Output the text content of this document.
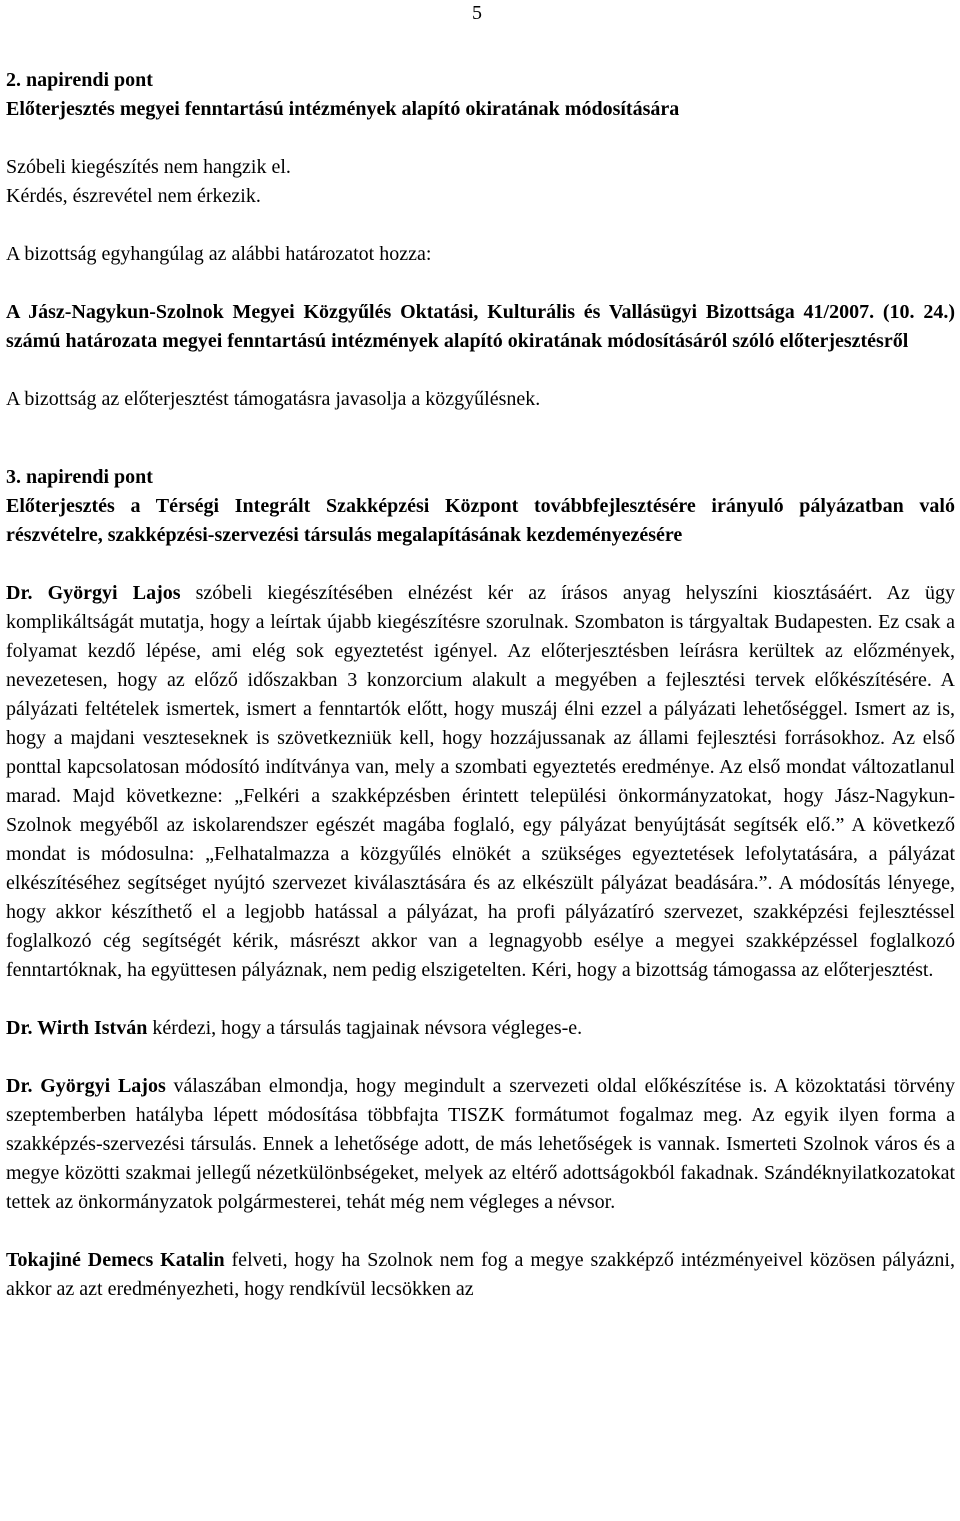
5

2. napirendi pont

Előterjesztés megyei fenntartású intézmények alapító okiratának módosítására

Szóbeli kiegészítés nem hangzik el.

Kérdés, észrevétel nem érkezik.

A bizottság egyhangúlag az alábbi határozatot hozza:

A Jász-Nagykun-Szolnok Megyei Közgyűlés Oktatási, Kulturális és Vallásügyi Bizottsága 41/2007. (10. 24.) számú határozata megyei fenntartású intézmények alapító okiratának módosításáról szóló előterjesztésről

A bizottság az előterjesztést támogatásra javasolja a közgyűlésnek.

3. napirendi pont

Előterjesztés a Térségi Integrált Szakképzési Központ továbbfejlesztésére irányuló pályázatban való részvételre, szakképzési-szervezési társulás megalapításának kezdeményezésére

Dr. Györgyi Lajos szóbeli kiegészítésében elnézést kér az írásos anyag helyszíni kiosztásáért. Az ügy komplikáltságát mutatja, hogy a leírtak újabb kiegészítésre szorulnak. Szombaton is tárgyaltak Budapesten. Ez csak a folyamat kezdő lépése, ami elég sok egyeztetést igényel. Az előterjesztésben leírásra kerültek az előzmények, nevezetesen, hogy az előző időszakban 3 konzorcium alakult a megyében a fejlesztési tervek előkészítésére. A pályázati feltételek ismertek, ismert a fenntartók előtt, hogy muszáj élni ezzel a pályázati lehetőséggel. Ismert az is, hogy a majdani veszteseknek is szövetkezniük kell, hogy hozzájussanak az állami fejlesztési forrásokhoz. Az első ponttal kapcsolatosan módosító indítványa van, mely a szombati egyeztetés eredménye. Az első mondat változatlanul marad. Majd következne: „Felkéri a szakképzésben érintett települési önkormányzatokat, hogy Jász-Nagykun-Szolnok megyéből az iskolarendszer egészét magába foglaló, egy pályázat benyújtását segítsék elő.” A következő mondat is módosulna: „Felhatalmazza a közgyűlés elnökét a szükséges egyeztetések lefolytatására, a pályázat elkészítéséhez segítséget nyújtó szervezet kiválasztására és az elkészült pályázat beadására.”. A módosítás lényege, hogy akkor készíthető el a legjobb hatással a pályázat, ha profi pályázatíró szervezet, szakképzési fejlesztéssel foglalkozó cég segítségét kérik, másrészt akkor van a legnagyobb esélye a megyei szakképzéssel foglalkozó fenntartóknak, ha együttesen pályáznak, nem pedig elszigetelten. Kéri, hogy a bizottság támogassa az előterjesztést.

Dr. Wirth István kérdezi, hogy a társulás tagjainak névsora végleges-e.

Dr. Györgyi Lajos válaszában elmondja, hogy megindult a szervezeti oldal előkészítése is. A közoktatási törvény szeptemberben hatályba lépett módosítása többfajta TISZK formátumot fogalmaz meg. Az egyik ilyen forma a szakképzés-szervezési társulás. Ennek a lehetősége adott, de más lehetőségek is vannak. Ismerteti Szolnok város és a megye közötti szakmai jellegű nézetkülönbségeket, melyek az eltérő adottságokból fakadnak. Szándéknyilatkozatokat tettek az önkormányzatok polgármesterei, tehát még nem végleges a névsor.

Tokajiné Demecs Katalin felveti, hogy ha Szolnok nem fog a megye szakképző intézményeivel közösen pályázni, akkor az azt eredményezheti, hogy rendkívül lecsökken az
